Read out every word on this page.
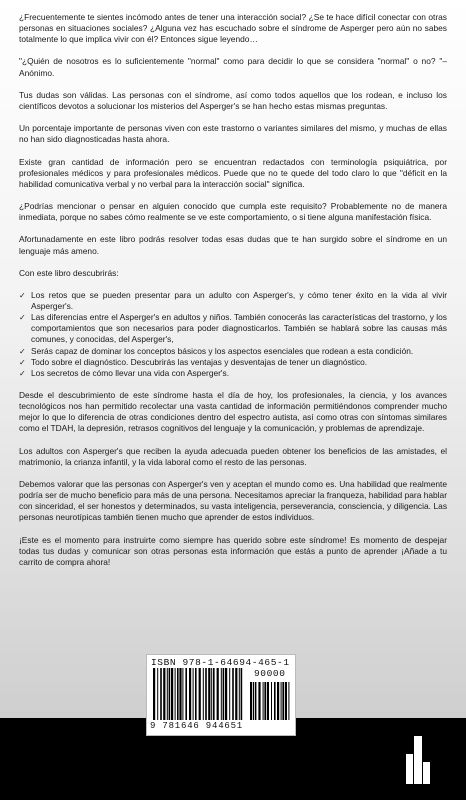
¿Frecuentemente te sientes incómodo antes de tener una interacción social? ¿Se te hace difícil conectar con otras personas en situaciones sociales? ¿Alguna vez has escuchado sobre el síndrome de Asperger pero aún no sabes totalmente lo que implica vivir con él? Entonces sigue leyendo…

"¿Quién de nosotros es lo suficientemente "normal" como para decidir lo que se considera "normal" o no? "– Anónimo.

Tus dudas son válidas. Las personas con el síndrome, así como todos aquellos que los rodean, e incluso los científicos devotos a solucionar los misterios del Asperger's se han hecho estas mismas preguntas.

Un porcentaje importante de personas viven con este trastorno o variantes similares del mismo, y muchas de ellas no han sido diagnosticadas hasta ahora.

Existe gran cantidad de información pero se encuentran redactados con terminología psiquiátrica, por profesionales médicos y para profesionales médicos. Puede que no te quede del todo claro lo que "déficit en la habilidad comunicativa verbal y no verbal para la interacción social" significa.

¿Podrías mencionar o pensar en alguien conocido que cumpla este requisito? Probablemente no de manera inmediata, porque no sabes cómo realmente se ve este comportamiento, o si tiene alguna manifestación física.

Afortunadamente en este libro podrás resolver todas esas dudas que te han surgido sobre el síndrome en un lenguaje más ameno.

Con este libro descubrirás:

✓ Los retos que se pueden presentar para un adulto con Asperger's, y cómo tener éxito en la vida al vivir Asperger's.
✓ Las diferencias entre el Asperger's en adultos y niños. También conocerás las características del trastorno, y los comportamientos que son necesarios para poder diagnosticarlos. También se hablará sobre las causas más comunes, y conocidas, del Asperger's,
✓ Serás capaz de dominar los conceptos básicos y los aspectos esenciales que rodean a esta condición.
✓ Todo sobre el diagnóstico. Descubrirás las ventajas y desventajas de tener un diagnóstico.
✓ Los secretos de cómo llevar una vida con Asperger's.

Desde el descubrimiento de este síndrome hasta el día de hoy, los profesionales, la ciencia, y los avances tecnológicos nos han permitido recolectar una vasta cantidad de información permitiéndonos comprender mucho mejor lo que lo diferencia de otras condiciones dentro del espectro autista, así como otras con síntomas similares como el TDAH, la depresión, retrasos cognitivos del lenguaje y la comunicación, y problemas de aprendizaje.

Los adultos con Asperger's que reciben la ayuda adecuada pueden obtener los beneficios de las amistades, el matrimonio, la crianza infantil, y la vida laboral como el resto de las personas.

Debemos valorar que las personas con Asperger's ven y aceptan el mundo como es. Una habilidad que realmente podría ser de mucho beneficio para más de una persona. Necesitamos apreciar la franqueza, habilidad para hablar con sinceridad, el ser honestos y determinados, su vasta inteligencia, perseverancia, consciencia, y diligencia. Las personas neurotípicas también tienen mucho que aprender de estos individuos.

¡Este es el momento para instruirte como siempre has querido sobre este síndrome! Es momento de despejar todas tus dudas y comunicar son otras personas esta información que estás a punto de aprender ¡Añade a tu carrito de compra ahora!

ISBN 978-1-64694-465-1
90000
9 781646 944651
